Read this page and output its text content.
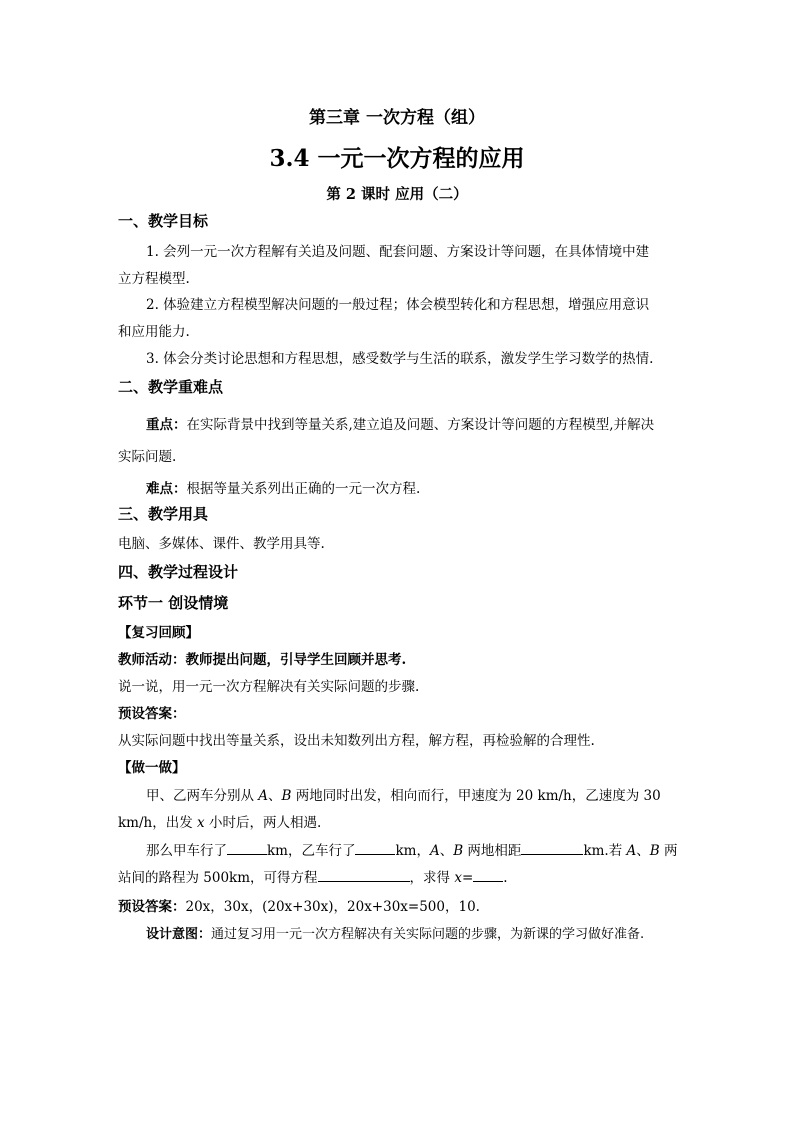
第三章 一次方程（组）
3.4 一元一次方程的应用
第 2 课时 应用（二）
一、教学目标
1. 会列一元一次方程解有关追及问题、配套问题、方案设计等问题，在具体情境中建
立方程模型.
2. 体验建立方程模型解决问题的一般过程；体会模型转化和方程思想，增强应用意识
和应用能力.
3. 体会分类讨论思想和方程思想，感受数学与生活的联系，激发学生学习数学的热情.
二、教学重难点
重点：在实际背景中找到等量关系,建立追及问题、方案设计等问题的方程模型,并解决
实际问题.
难点：根据等量关系列出正确的一元一次方程.
三、教学用具
电脑、多媒体、课件、教学用具等.
四、教学过程设计
环节一 创设情境
【复习回顾】
教师活动：教师提出问题，引导学生回顾并思考.
说一说，用一元一次方程解决有关实际问题的步骤.
预设答案：
从实际问题中找出等量关系，设出未知数列出方程，解方程，再检验解的合理性.
【做一做】
甲、乙两车分别从 A、B 两地同时出发，相向而行，甲速度为 20 km/h，乙速度为 30
km/h，出发 x 小时后，两人相遇.
那么甲车行了	km，乙车行了	km，A、B 两地相距	km.若 A、B 两
站间的路程为 500km，可得方程	，求得 x= .
预设答案：20x，30x，(20x+30x)，20x+30x=500，10.
设计意图：通过复习用一元一次方程解决有关实际问题的步骤，为新课的学习做好准备.
